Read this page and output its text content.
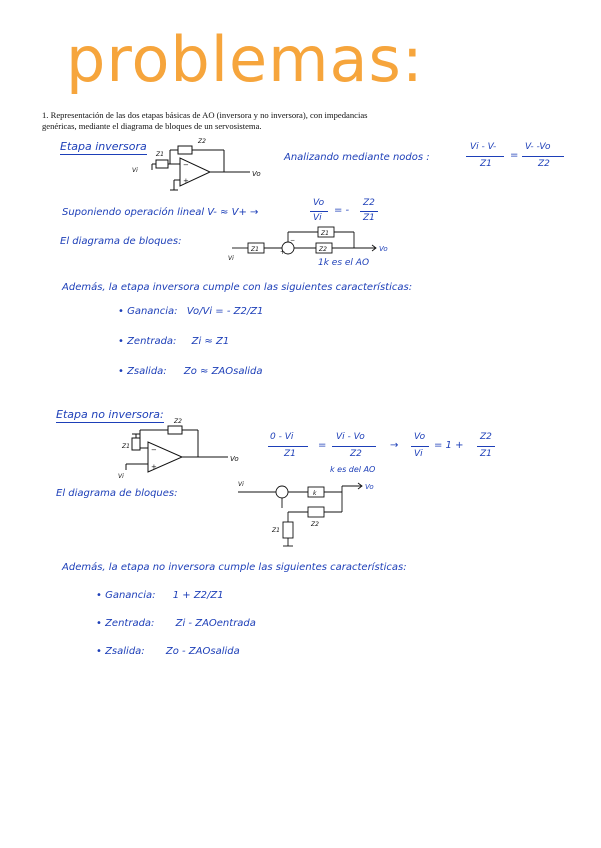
problemas:
1. Representación de las dos etapas básicas de AO (inversora y no inversora), con impedancias
genéricas, mediante el diagrama de bloques de un servosistema.
Etapa inversora	Z2
Z1
Vi	Vo
−
+
Analizando mediante nodos :
Vi - V-
Z1
=
V- -Vo
Z2
Suponiendo operación lineal V- ≈ V+ →
Vo
Vi
= -
Z2
Z1
El diagrama de bloques:
Z1	Z2
Z1
+
−
Vi
Vo
1k es el AO
Además, la etapa inversora cumple con las siguientes características:
• Ganancia: Vo/Vi = - Z2/Z1
• Zentrada: Zi ≈ Z1
• Zsalida: Zo ≈ ZAOsalida
Etapa no inversora:
Z2
Z1
Vi
Vo
−
+
0 - Vi
Z1
=
Vi - Vo
Z2
→
Vo
Vi
= 1 +
Z2
Z1
El diagrama de bloques:
k es del AO
k
Z1
Z2
Vi	Vo
Además, la etapa no inversora cumple las siguientes características:
• Ganancia: 1 + Z2/Z1
• Zentrada: Zi - ZAOentrada
• Zsalida: Zo - ZAOsalida
